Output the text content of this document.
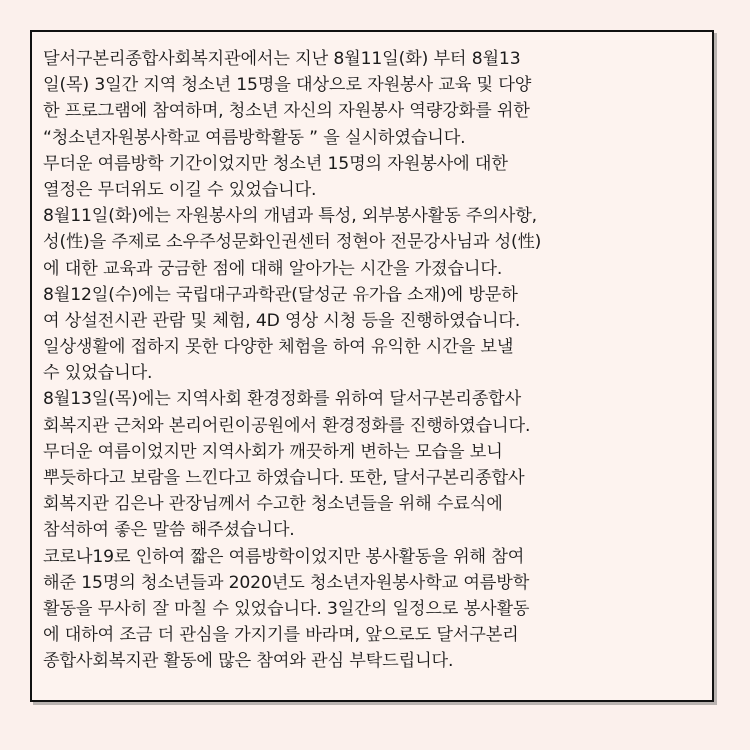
달서구본리종합사회복지관에서는 지난 8월11일(화) 부터 8월13
일(목) 3일간 지역 청소년 15명을 대상으로 자원봉사 교육 및 다양
한 프로그램에 참여하며, 청소년 자신의 자원봉사 역량강화를 위한
“청소년자원봉사학교 여름방학활동 ” 을 실시하였습니다.
무더운 여름방학 기간이었지만 청소년 15명의 자원봉사에 대한
열정은 무더위도 이길 수 있었습니다.
8월11일(화)에는 자원봉사의 개념과 특성, 외부봉사활동 주의사항,
성(性)을 주제로 소우주성문화인권센터 정현아 전문강사님과 성(性)
에 대한 교육과 궁금한 점에 대해 알아가는 시간을 가졌습니다.
8월12일(수)에는 국립대구과학관(달성군 유가읍 소재)에 방문하
여 상설전시관 관람 및 체험, 4D 영상 시청 등을 진행하였습니다.
일상생활에 접하지 못한 다양한 체험을 하여 유익한 시간을 보낼
수 있었습니다.
8월13일(목)에는 지역사회 환경정화를 위하여 달서구본리종합사
회복지관 근처와 본리어린이공원에서 환경정화를 진행하였습니다.
무더운 여름이었지만 지역사회가 깨끗하게 변하는 모습을 보니
뿌듯하다고 보람을 느낀다고 하였습니다. 또한, 달서구본리종합사
회복지관 김은나 관장님께서 수고한 청소년들을 위해 수료식에
참석하여 좋은 말씀 해주셨습니다.
코로나19로 인하여 짧은 여름방학이었지만 봉사활동을 위해 참여
해준 15명의 청소년들과 2020년도 청소년자원봉사학교 여름방학
활동을 무사히 잘 마칠 수 있었습니다. 3일간의 일정으로 봉사활동
에 대하여 조금 더 관심을 가지기를 바라며, 앞으로도 달서구본리
종합사회복지관 활동에 많은 참여와 관심 부탁드립니다.
